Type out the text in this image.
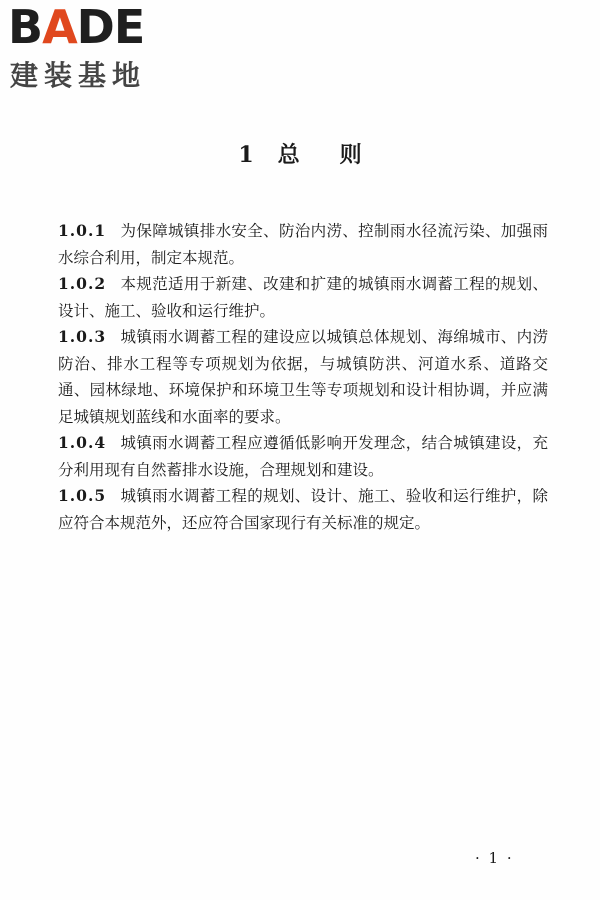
BADE
建装基地
1 总 则

1.0.1 为保障城镇排水安全、防治内涝、控制雨水径流污染、加强雨水综合利用，制定本规范。

1.0.2 本规范适用于新建、改建和扩建的城镇雨水调蓄工程的规划、设计、施工、验收和运行维护。

1.0.3 城镇雨水调蓄工程的建设应以城镇总体规划、海绵城市、内涝防治、排水工程等专项规划为依据，与城镇防洪、河道水系、道路交通、园林绿地、环境保护和环境卫生等专项规划和设计相协调，并应满足城镇规划蓝线和水面率的要求。

1.0.4 城镇雨水调蓄工程应遵循低影响开发理念，结合城镇建设，充分利用现有自然蓄排水设施，合理规划和建设。

1.0.5 城镇雨水调蓄工程的规划、设计、施工、验收和运行维护，除应符合本规范外，还应符合国家现行有关标准的规定。

· 1 ·
